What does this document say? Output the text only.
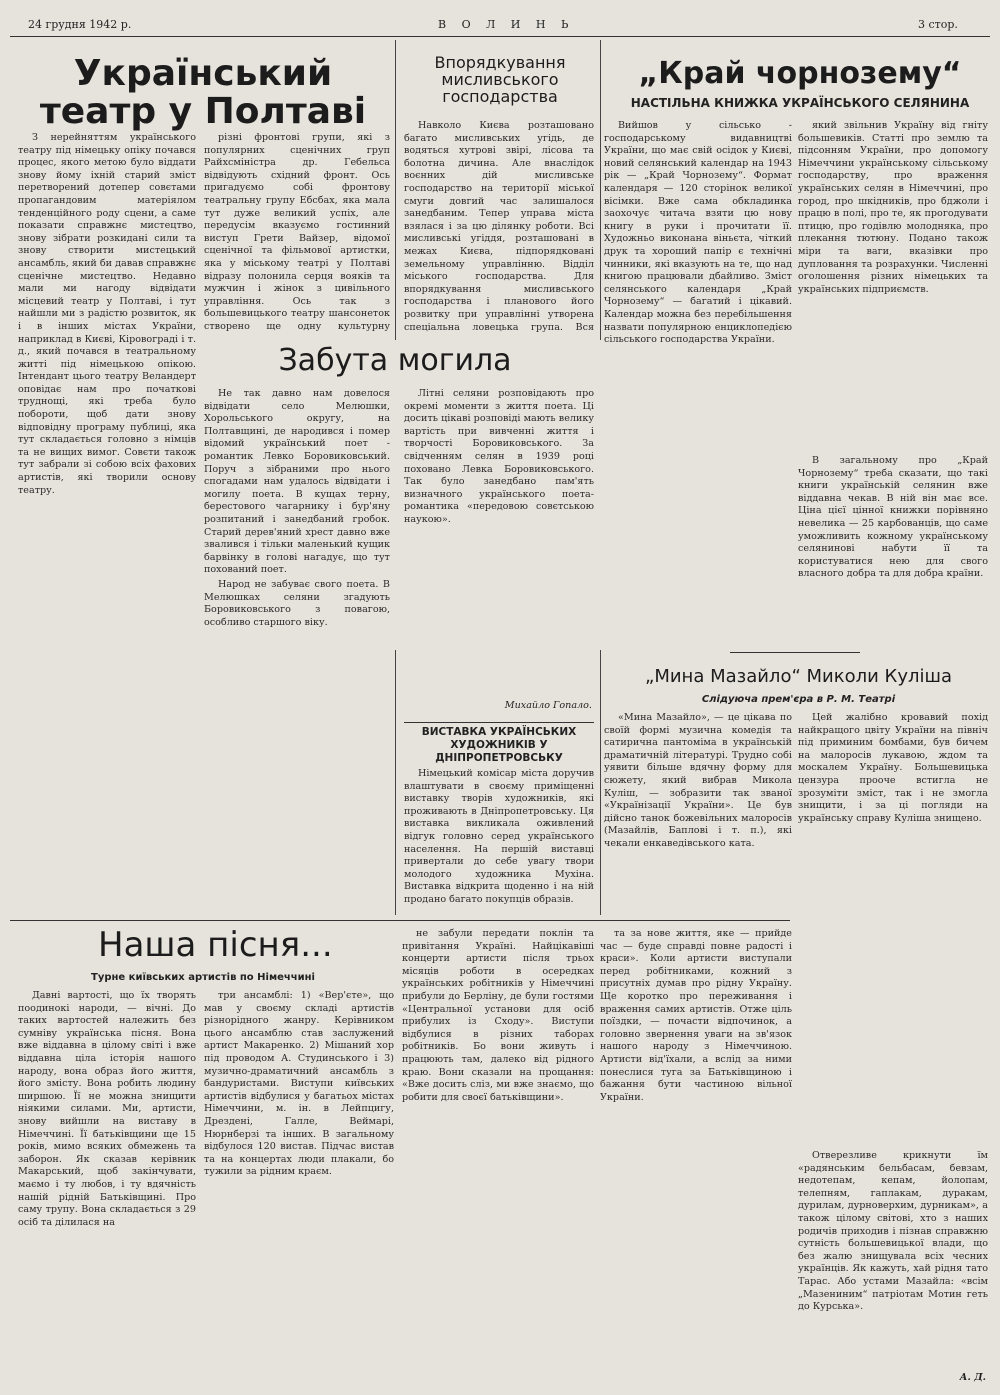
24 грудня 1942 р.	В О Л И Н Ь	3 стор.
Український театр у Полтаві

З нерейняттям українського театру під німецьку опіку почався процес, якого метою було віддати знову йому іхній старий зміст перетворений дотепер совєтами пропагандовим матеріялом тенденційного роду сцени, а саме показати справжнє мистецтво, знову зібрати розкидані сили та знову створити мистецький ансамбль, який би давав справжнє сценічне мистецтво. Недавно мали ми нагоду відвідати місцевий театр у Полтаві, і тут найшли ми з радістю розвиток, як і в інших містах України, наприклад в Києві, Кіровограді і т. д., який почався в театральному житті під німецькою опікою. Інтендант цього театру Веландерт оповідає нам про початкові труднощі, які треба було побороти, щоб дати знову відповідну програму публиці, яка тут складається головно з німців та не вищих вимог. Совєти також тут забрали зі собою всіх фахових артистів, які творили основу театру.

різні фронтові групи, які з популярних сценічних груп Райхсміністра др. Гебельса відвідують східний фронт. Ось пригадуємо собі фронтову театральну групу Ебсбах, яка мала тут дуже великий успіх, але передусім вказуємо гостинний виступ Грети Вайзер, відомої сценічної та фільмової артистки, яка у міському театрі у Полтаві відразу полонила серця вояків та мужчин і жінок з цивільного управління. Ось так з большевицького театру шансонеток створено ще одну культурну

Впорядкування мисливського господарства

Навколо Києва розташовано багато мисливських угідь, де водяться хутрові звірі, лісова та болотна дичина. Але внаслідок воєнних дій мисливське господарство на території міської смуги довгий час залишалося занедбаним. Тепер управа міста взялася і за цю ділянку роботи. Всі мисливські угіддя, розташовані в межах Києва, підпорядковані земельному управлінню. Відділ міського господарства. Для впорядкування мисливського господарства і планового його розвитку при управлінні утворена спеціальна ловецька група. Вся

„Край чорнозему“
НАСТІЛЬНА КНИЖКА УКРАЇНСЬКОГО СЕЛЯНИНА

Вийшов у сільсько - господарському видавництві України, що має свій осідок у Києві, новий селянський календар на 1943 рік — „Край Чорнозему“. Формат календаря — 120 сторінок великої вісімки. Вже сама обкладинка заохочує читача взяти цю нову книгу в руки і прочитати її. Художньо виконана віньєта, чіткий друк та хороший папір є технічні чинники, які вказують на те, що над книгою працювали дбайливо. Зміст селянського календаря „Край Чорнозему“ — багатий і цікавий. Календар можна без перебільшення назвати популярною енциклопедією сільського господарства України.

який звільнив Україну від гніту большевиків. Статті про землю та підсонням України, про допомогу Німеччини українському сільському господарству, про враження українських селян в Німеччині, про город, про шкідників, про бджоли і працю в полі, про те, як прогодувати птицю, про годівлю молодняка, про плекання тютюну. Подано також міри та ваги, вказівки про дупловання та розрахунки. Численні оголошення різних німецьких та українських підприємств.

В загальному про „Край Чорнозему“ треба сказати, що такі книги українській селянин вже віддавна чекав. В ній він має все. Ціна цієї цінної книжки порівняно невелика — 25 карбованців, що саме уможливить кожному українському селянинові набути її та користуватися нею для свого власного добра та для добра країни.

Забута могила

Не так давно нам довелося відвідати село Мелюшки, Хорольського округу, на Полтавщині, де народився і помер відомий український поет - романтик Левко Боровиковський. Поруч з зібраними про нього спогадами нам удалось відвідати і могилу поета. В кущах терну, берестового чагарнику і бур'яну розпитаний і занедбаний гробок. Старий дерев'яний хрест давно вже звалився і тільки маленький кущик барвінку в голові нагадує, що тут похований поет.

Народ не забуває свого поета. В Мелюшках селяни згадують Боровиковського з повагою, особливо старшого віку.

Літні селяни розповідають про окремі моменти з життя поета. Ці досить цікаві розповіді мають велику вартість при вивченні життя і творчості Боровиковського. За свідченням селян в 1939 році поховано Левка Боровиковського. Так було занедбано пам'ять визначного українського поета-романтика «передовою совєтською наукою».

Михайло Гопало.
ВИСТАВКА УКРАЇНСЬКИХ ХУДОЖНИКІВ У ДНІПРОПЕТРОВСЬКУ

Німецький комісар міста доручив влаштувати в своєму приміщенні виставку творів художників, які проживають в Дніпропетровську. Ця виставка викликала оживлений відгук головно серед українського населення. На першій виставці привертали до себе увагу твори молодого художника Мухіна. Виставка відкрита щоденно і на ній продано багато покупців образів.

„Мина Мазайло“ Миколи Куліша
Слідуюча прем'єра в Р. М. Театрі

«Мина Мазайло», — це цікава по своїй формі музична комедія та сатирична пантоміма в українській драматичній літературі. Трудно собі уявити більше вдячну форму для сюжету, який вибрав Микола Куліш, — зобразити так званої «Українізації України». Це був дійсно танок божевільних малоросів (Мазайлів, Баплові і т. п.), які чекали енкаведівського ката.

Цей жалібно кровавий похід найкращого цвіту України на північ під приминим бомбами, був бичем на малоросів лукавою, ждом та москалем Україну. Большевицька цензура прооче встигла не зрозуміти зміст, так і не змогла знищити, і за ці погляди на українську справу Куліша знищено.

Наша пісня...
Турне київських артистів по Німеччині

Давні вартості, що їх творять поодинокі народи, — вічні. До таких вартостей належить без сумніву українська пісня. Вона вже віддавна в цілому світі і вже віддавна ціла історія нашого народу, вона образ його життя, його змісту. Вона робить людину ширшою. Її не можна знищити ніякими силами. Ми, артисти, знову вийшли на виставу в Німеччині. Її батьківщини ще 15 років, мимо всяких обмежень та заборон. Як сказав керівник Макарський, щоб закінчувати, маємо і ту любов, і ту вдячність нашій рідній Батьківщині. Про саму трупу. Вона складається з 29 осіб та ділилася на

три ансамблі: 1) «Вер'єте», що мав у своєму складі артистів різнорідного жанру. Керівником цього ансамблю став заслужений артист Макаренко. 2) Мішаний хор під проводом А. Студинського і 3) музично-драматичний ансамбль з бандуристами. Виступи київських артистів відбулися у багатьох містах Німеччини, м. ін. в Лейпцигу, Дрездені, Галле, Веймарі, Нюрнберзі та інших. В загальному відбулося 120 вистав. Підчас вистав та на концертах люди плакали, бо тужили за рідним краєм.

не забули передати поклін та привітання Україні. Найцікавіші концерти артисти після трьох місяців роботи в осередках українських робітників у Німеччині прибули до Берліну, де були гостями «Центральної установи для осіб прибулих із Сходу». Виступи відбулися в різних таборах робітників. Бо вони живуть і працюють там, далеко від рідного краю. Вони сказали на прощання: «Вже досить сліз, ми вже знаємо, що робити для своєї батьківщини».

та за нове життя, яке — прийде час — буде справді повне радості і краси». Коли артисти виступали перед робітниками, кожний з присутніх думав про рідну Україну. Ще коротко про переживання і враження самих артистів. Отже ціль поїздки, — почасти відпочинок, а головно звернення уваги на зв'язок нашого народу з Німеччиною. Артисти від'їхали, а вслід за ними понеслися туга за Батьківщиною і бажання бути частиною вільної України.

Отверезливе крикнути їм «радянським бельбасам, бевзам, недотепам, кепам, йолопам, телепням, гаплакам, дуракам, дурилам, дурноверхим, дурникам», а також цілому світові, хто з наших родичів приходив і пізнав справжню сутність большевицької влади, що без жалю знищувала всіх чесних українців. Як кажуть, хай рідня тато Тарас. Або устами Мазайла: «всім „Мазениним“ патріотам Мотин геть до Курська».

А. Д.
